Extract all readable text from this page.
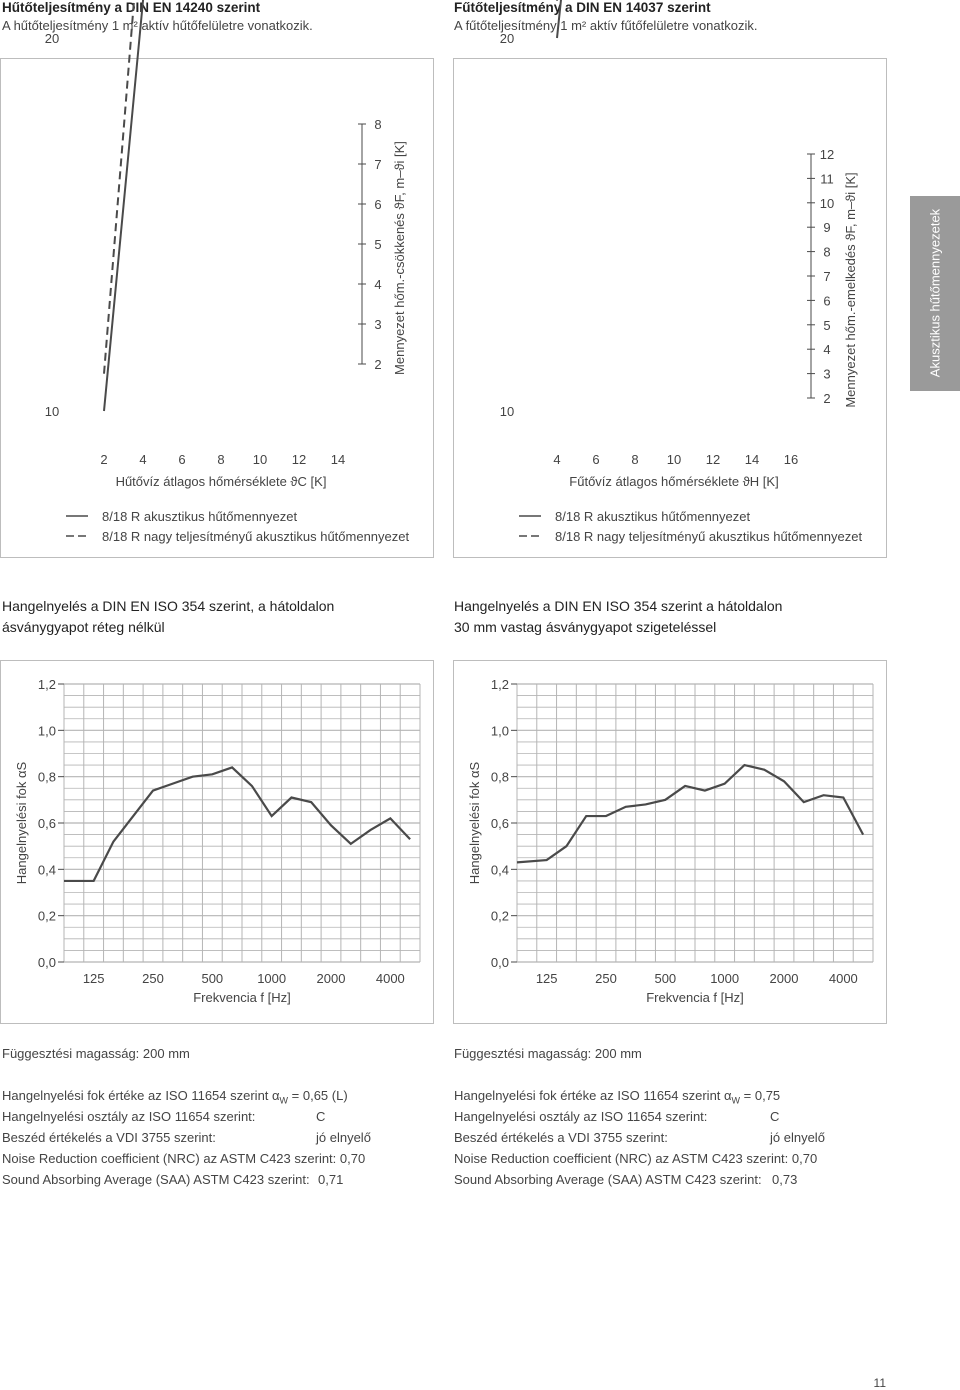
Hűtőteljesítmény a DIN EN 14240 szerint
A hűtőteljesítmény 1 m² aktív hűtőfelületre vonatkozik.
Fűtőteljesítmény a DIN EN 14037 szerint
A fűtőteljesítmény 1 m² aktív fűtőfelületre vonatkozik.
10
20
2 4 6 8 10 12 14
2
3
4
5
6
7
8
Mennyezet hőm.-csökkenés ϑF, m–ϑi [K]
8/18 R akusztikus hűtőmennyezet
8/18 R nagy teljesítményű akusztikus hűtőmennyezet
Hűtővíz átlagos hőmérséklete ϑC [K]
10
20
4 6 8 10 12 14 16
2
3
4
5
6
7
8
9
10
11
12
Mennyezet hőm.-emelkedés ϑF, m–ϑi [K]
8/18 R akusztikus hűtőmennyezet
8/18 R nagy teljesítményű akusztikus hűtőmennyezet
Fűtővíz átlagos hőmérséklete ϑH [K]
Akusztikus hűtőmennyezetek
Hangelnyelés a DIN EN ISO 354 szerint, a hátoldalon
ásványgyapot réteg nélkül
Hangelnyelés a DIN EN ISO 354 szerint a hátoldalon
30 mm vastag ásványgyapot szigeteléssel
0,0
0,2
0,4
0,6
0,8
1,0
1,2
125	250	500	1000 2000 4000
Frekvencia f [Hz]
Hangelnyelési fok αS
0,0
0,2
0,4
0,6
0,8
1,0
1,2
125	250	500	1000 2000 4000
Frekvencia f [Hz]
Hangelnyelési fok αS
Függesztési magasság: 200 mm	Függesztési magasság: 200 mm
Hangelnyelési fok értéke az ISO 11654 szerint $\alpha_W = 0,65$ (L)
Hangelnyelési osztály az ISO 11654 szerint:	C
Beszéd értékelés a VDI 3755 szerint:	jó elnyelő
Noise Reduction coefficient (NRC) az ASTM C423 szerint: 0,70
Sound Absorbing Average (SAA) ASTM C423 szerint: 0,71
Hangelnyelési fok értéke az ISO 11654 szerint $\alpha_W = 0,75$
Hangelnyelési osztály az ISO 11654 szerint:	C
Beszéd értékelés a VDI 3755 szerint:	jó elnyelő
Noise Reduction coefficient (NRC) az ASTM C423 szerint: 0,70
Sound Absorbing Average (SAA) ASTM C423 szerint: 0,73
11
